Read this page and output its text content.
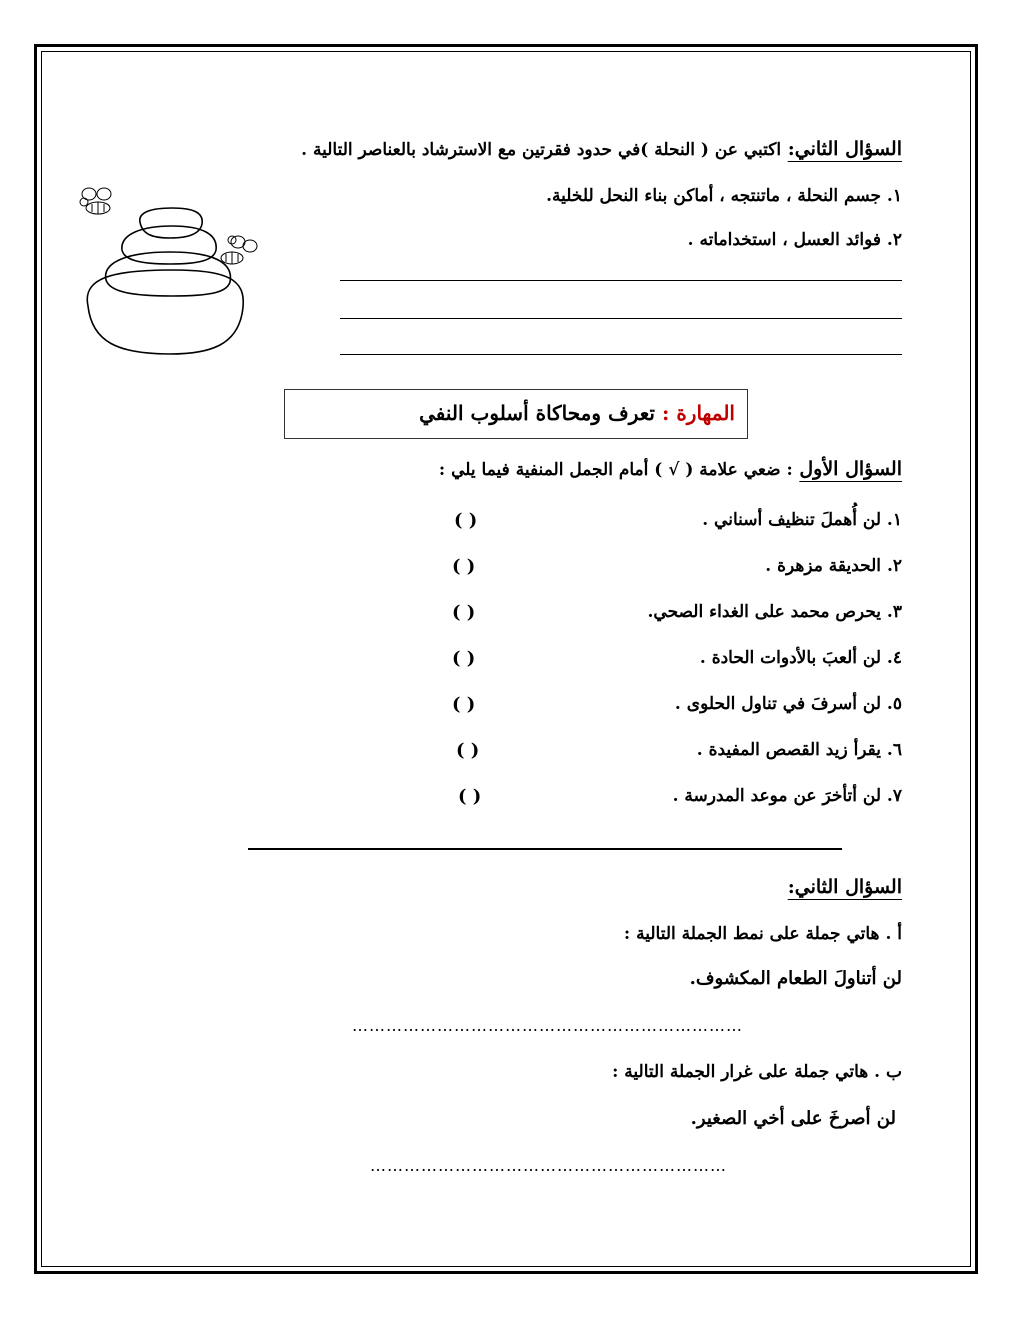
السؤال الثاني: اكتبي عن ( النحلة )في حدود فقرتين مع الاسترشاد بالعناصر التالية .
١. جسم النحلة ، ماتنتجه ، أماكن بناء النحل للخلية.
٢. فوائد العسل ، استخداماته .
المهارة : تعرف ومحاكاة أسلوب النفي
السؤال الأول : ضعي علامة ( √ ) أمام الجمل المنفية فيما يلي :
١. لن أُهملَ تنظيف أسناني .
( )
٢. الحديقة مزهرة .
( )
٣. يحرص محمد على الغداء الصحي.
( )
٤. لن ألعبَ بالأدوات الحادة .
( )
٥. لن أسرفَ في تناول الحلوى .
( )
٦. يقرأ زيد القصص المفيدة .
( )
٧. لن أتأخرَ عن موعد المدرسة .
( )
السؤال الثاني:
أ . هاتي جملة على نمط الجملة التالية :
لن أتناولَ الطعام المكشوف.
……………………………………………………………
ب . هاتي جملة على غرار الجملة التالية :
لن أصرخَ على أخي الصغير.
………………………………………………………
